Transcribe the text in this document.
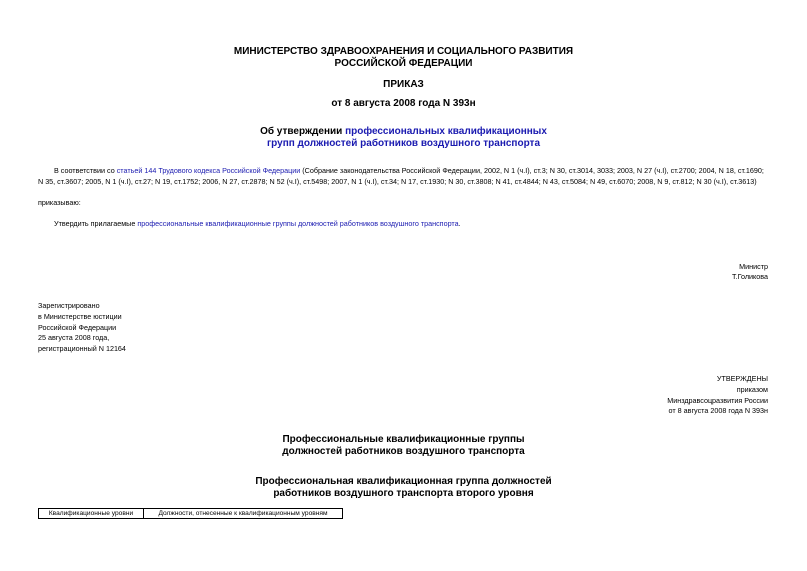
МИНИСТЕРСТВО ЗДРАВООХРАНЕНИЯ И СОЦИАЛЬНОГО РАЗВИТИЯ
РОССИЙСКОЙ ФЕДЕРАЦИИ
ПРИКАЗ
от 8 августа 2008 года N 393н
Об утверждении профессиональных квалификационных
групп должностей работников воздушного транспорта
В соответствии со статьей 144 Трудового кодекса Российской Федерации (Собрание законодательства Российской Федерации, 2002, N 1 (ч.I), ст.3; N 30, ст.3014, 3033; 2003, N 27 (ч.I), ст.2700; 2004, N 18, ст.1690;
N 35, ст.3607; 2005, N 1 (ч.I), ст.27; N 19, ст.1752; 2006, N 27, ст.2878; N 52 (ч.I), ст.5498; 2007, N 1 (ч.I), ст.34; N 17, ст.1930; N 30, ст.3808; N 41, ст.4844; N 43, ст.5084; N 49, ст.6070; 2008, N 9, ст.812; N 30 (ч.I), ст.3613)
приказываю:
Утвердить прилагаемые профессиональные квалификационные группы должностей работников воздушного транспорта.
Министр
Т.Голикова
Зарегистрировано
в Министерстве юстиции
Российской Федерации
25 августа 2008 года,
регистрационный N 12164
УТВЕРЖДЕНЫ
приказом
Минздравсоцразвития России
от 8 августа 2008 года N 393н
Профессиональные квалификационные группы
должностей работников воздушного транспорта
Профессиональная квалификационная группа должностей
работников воздушного транспорта второго уровня
Квалификационные уровни	Должности, отнесенные к квалификационным уровням
